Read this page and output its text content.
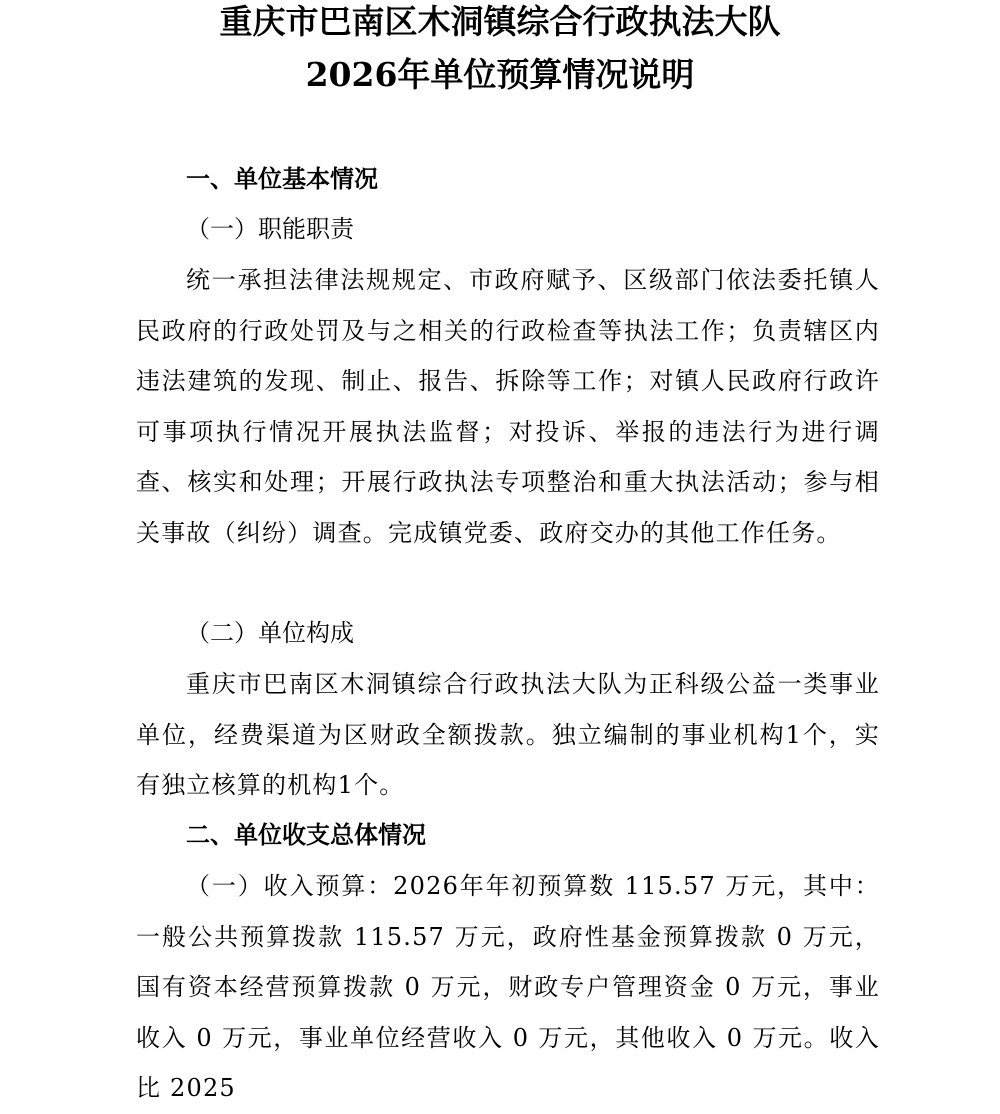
重庆市巴南区木洞镇综合行政执法大队
2026年单位预算情况说明
一、单位基本情况
（一）职能职责
统一承担法律法规规定、市政府赋予、区级部门依法委托镇人民政府的行政处罚及与之相关的行政检查等执法工作；负责辖区内违法建筑的发现、制止、报告、拆除等工作；对镇人民政府行政许可事项执行情况开展执法监督；对投诉、举报的违法行为进行调查、核实和处理；开展行政执法专项整治和重大执法活动；参与相关事故（纠纷）调查。完成镇党委、政府交办的其他工作任务。
（二）单位构成
重庆市巴南区木洞镇综合行政执法大队为正科级公益一类事业单位，经费渠道为区财政全额拨款。独立编制的事业机构1个，实有独立核算的机构1个。
二、单位收支总体情况
（一）收入预算：2026年年初预算数 115.57 万元，其中：一般公共预算拨款 115.57 万元，政府性基金预算拨款 0 万元，国有资本经营预算拨款 0 万元，财政专户管理资金 0 万元，事业收入 0 万元，事业单位经营收入 0 万元，其他收入 0 万元。收入比 2025
